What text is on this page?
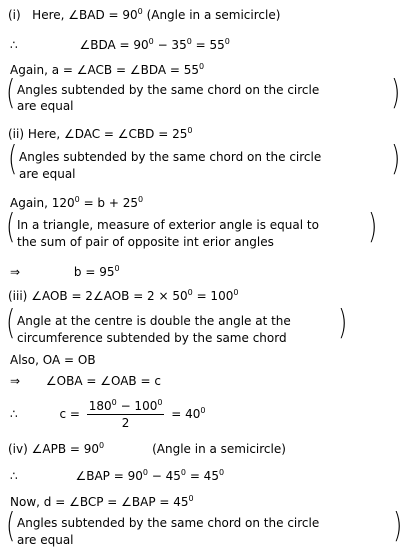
(i) Here, ∠BAD = $90^0$ (Angle in a semicircle)
∴	∠BDA = $90^0 - 35^0 = 55^0$
Again, a = ∠ACB = ∠BDA = $55^0$
( Angles subtended by the same chord on the circle
are equal	)
(ii) Here, ∠DAC = ∠CBD = $25^0$
( Angles subtended by the same chord on the circle
are equal	)
Again, $120^0 = b + 25^0$
( In a triangle, measure of exterior angle is equal to
the sum of pair of opposite int erior angles	)
⇒	$b = 95^0$
(iii) ∠AOB = 2∠AOB = $2 \times 50^0 = 100^0$
( Angle at the centre is double the angle at the
circumference subtended by the same chord )
Also, OA = OB
⇒ ∠OBA = ∠OAB = c
∴	$c = \frac{180^0 - 100^0}{2} = 40^0$
(iv) ∠APB = $90^0$	(Angle in a semicircle)
∴	∠BAP = $90^0 - 45^0 = 45^0$
Now, d = ∠BCP = ∠BAP = $45^0$
( Angles subtended by the same chord on the circle
are equal	)
